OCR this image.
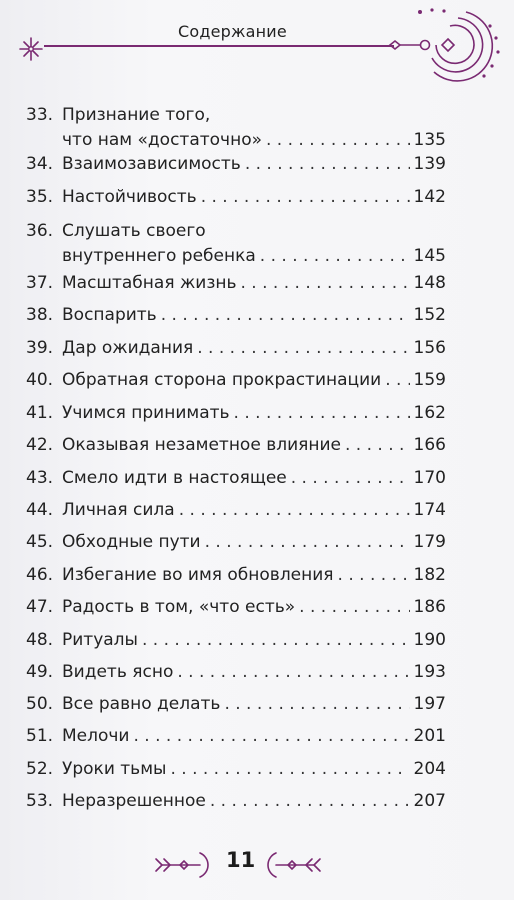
Содержание
33. Признание того,
что нам «достаточно» . . .	135
34. Взаимозависимость . . .	139
35. Настойчивость . . .	142
36. Слушать своего
внутреннего ребенка . . .	145
37. Масштабная жизнь . . .	148
38. Воспарить . . .	152
39. Дар ожидания . . .	156
40. Обратная сторона прокрастинации . . . 159
41. Учимся принимать . . .	162
42. Оказывая незаметное влияние . . .	166
43. Смело идти в настоящее . . .	170
44. Личная сила . . .	174
45. Обходные пути . . .	179
46. Избегание во имя обновления . . .	182
47. Радость в том, «что есть» . . .	186
48. Ритуалы . . .	190
49. Видеть ясно . . .	193
50. Все равно делать . . .	197
51. Мелочи . . .	201
52. Уроки тьмы . . .	204
53. Неразрешенное . . .	207
11
